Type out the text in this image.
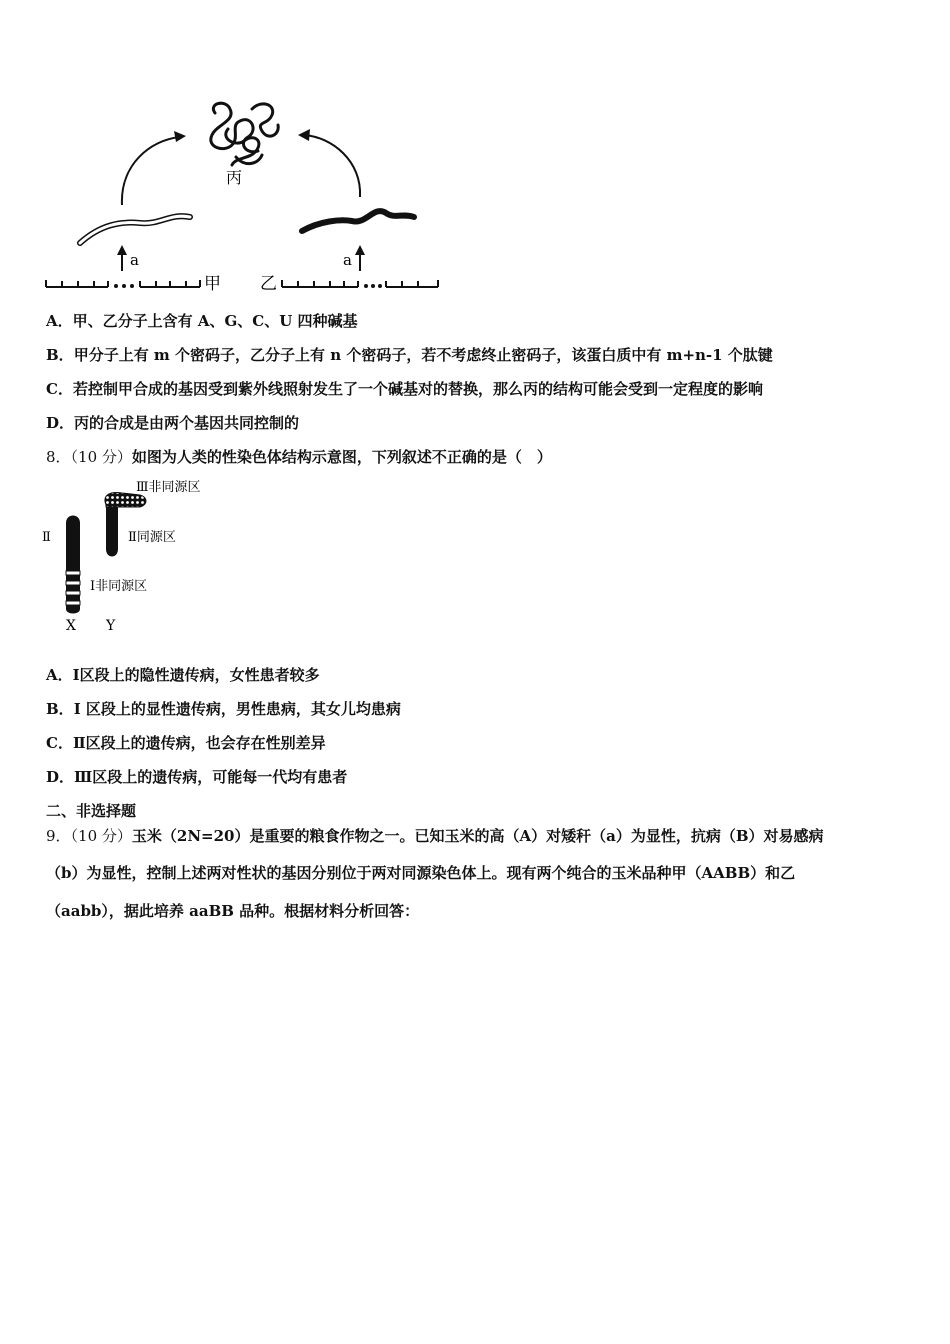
丙
a	a
甲 乙
A．甲、乙分子上含有 A、G、C、U 四种碱基
B．甲分子上有 m 个密码子，乙分子上有 n 个密码子，若不考虑终止密码子，该蛋白质中有 m+n-1 个肽键
C．若控制甲合成的基因受到紫外线照射发生了一个碱基对的替换，那么丙的结构可能会受到一定程度的影响
D．丙的合成是由两个基因共同控制的
8．（10 分）如图为人类的性染色体结构示意图，下列叙述不正确的是（　）
Ⅲ非同源区
Ⅱ同源区
Ⅰ非同源区
Ⅱ
X Y
A．Ⅰ区段上的隐性遗传病，女性患者较多
B．I 区段上的显性遗传病，男性患病，其女儿均患病
C．Ⅱ区段上的遗传病，也会存在性别差异
D．Ⅲ区段上的遗传病，可能每一代均有患者
二、非选择题
9．（10 分）玉米（2N=20）是重要的粮食作物之一。已知玉米的高（A）对矮秆（a）为显性，抗病（B）对易感病
（b）为显性，控制上述两对性状的基因分别位于两对同源染色体上。现有两个纯合的玉米品种甲（AABB）和乙
（aabb），据此培养 aaBB 品种。根据材料分析回答：
